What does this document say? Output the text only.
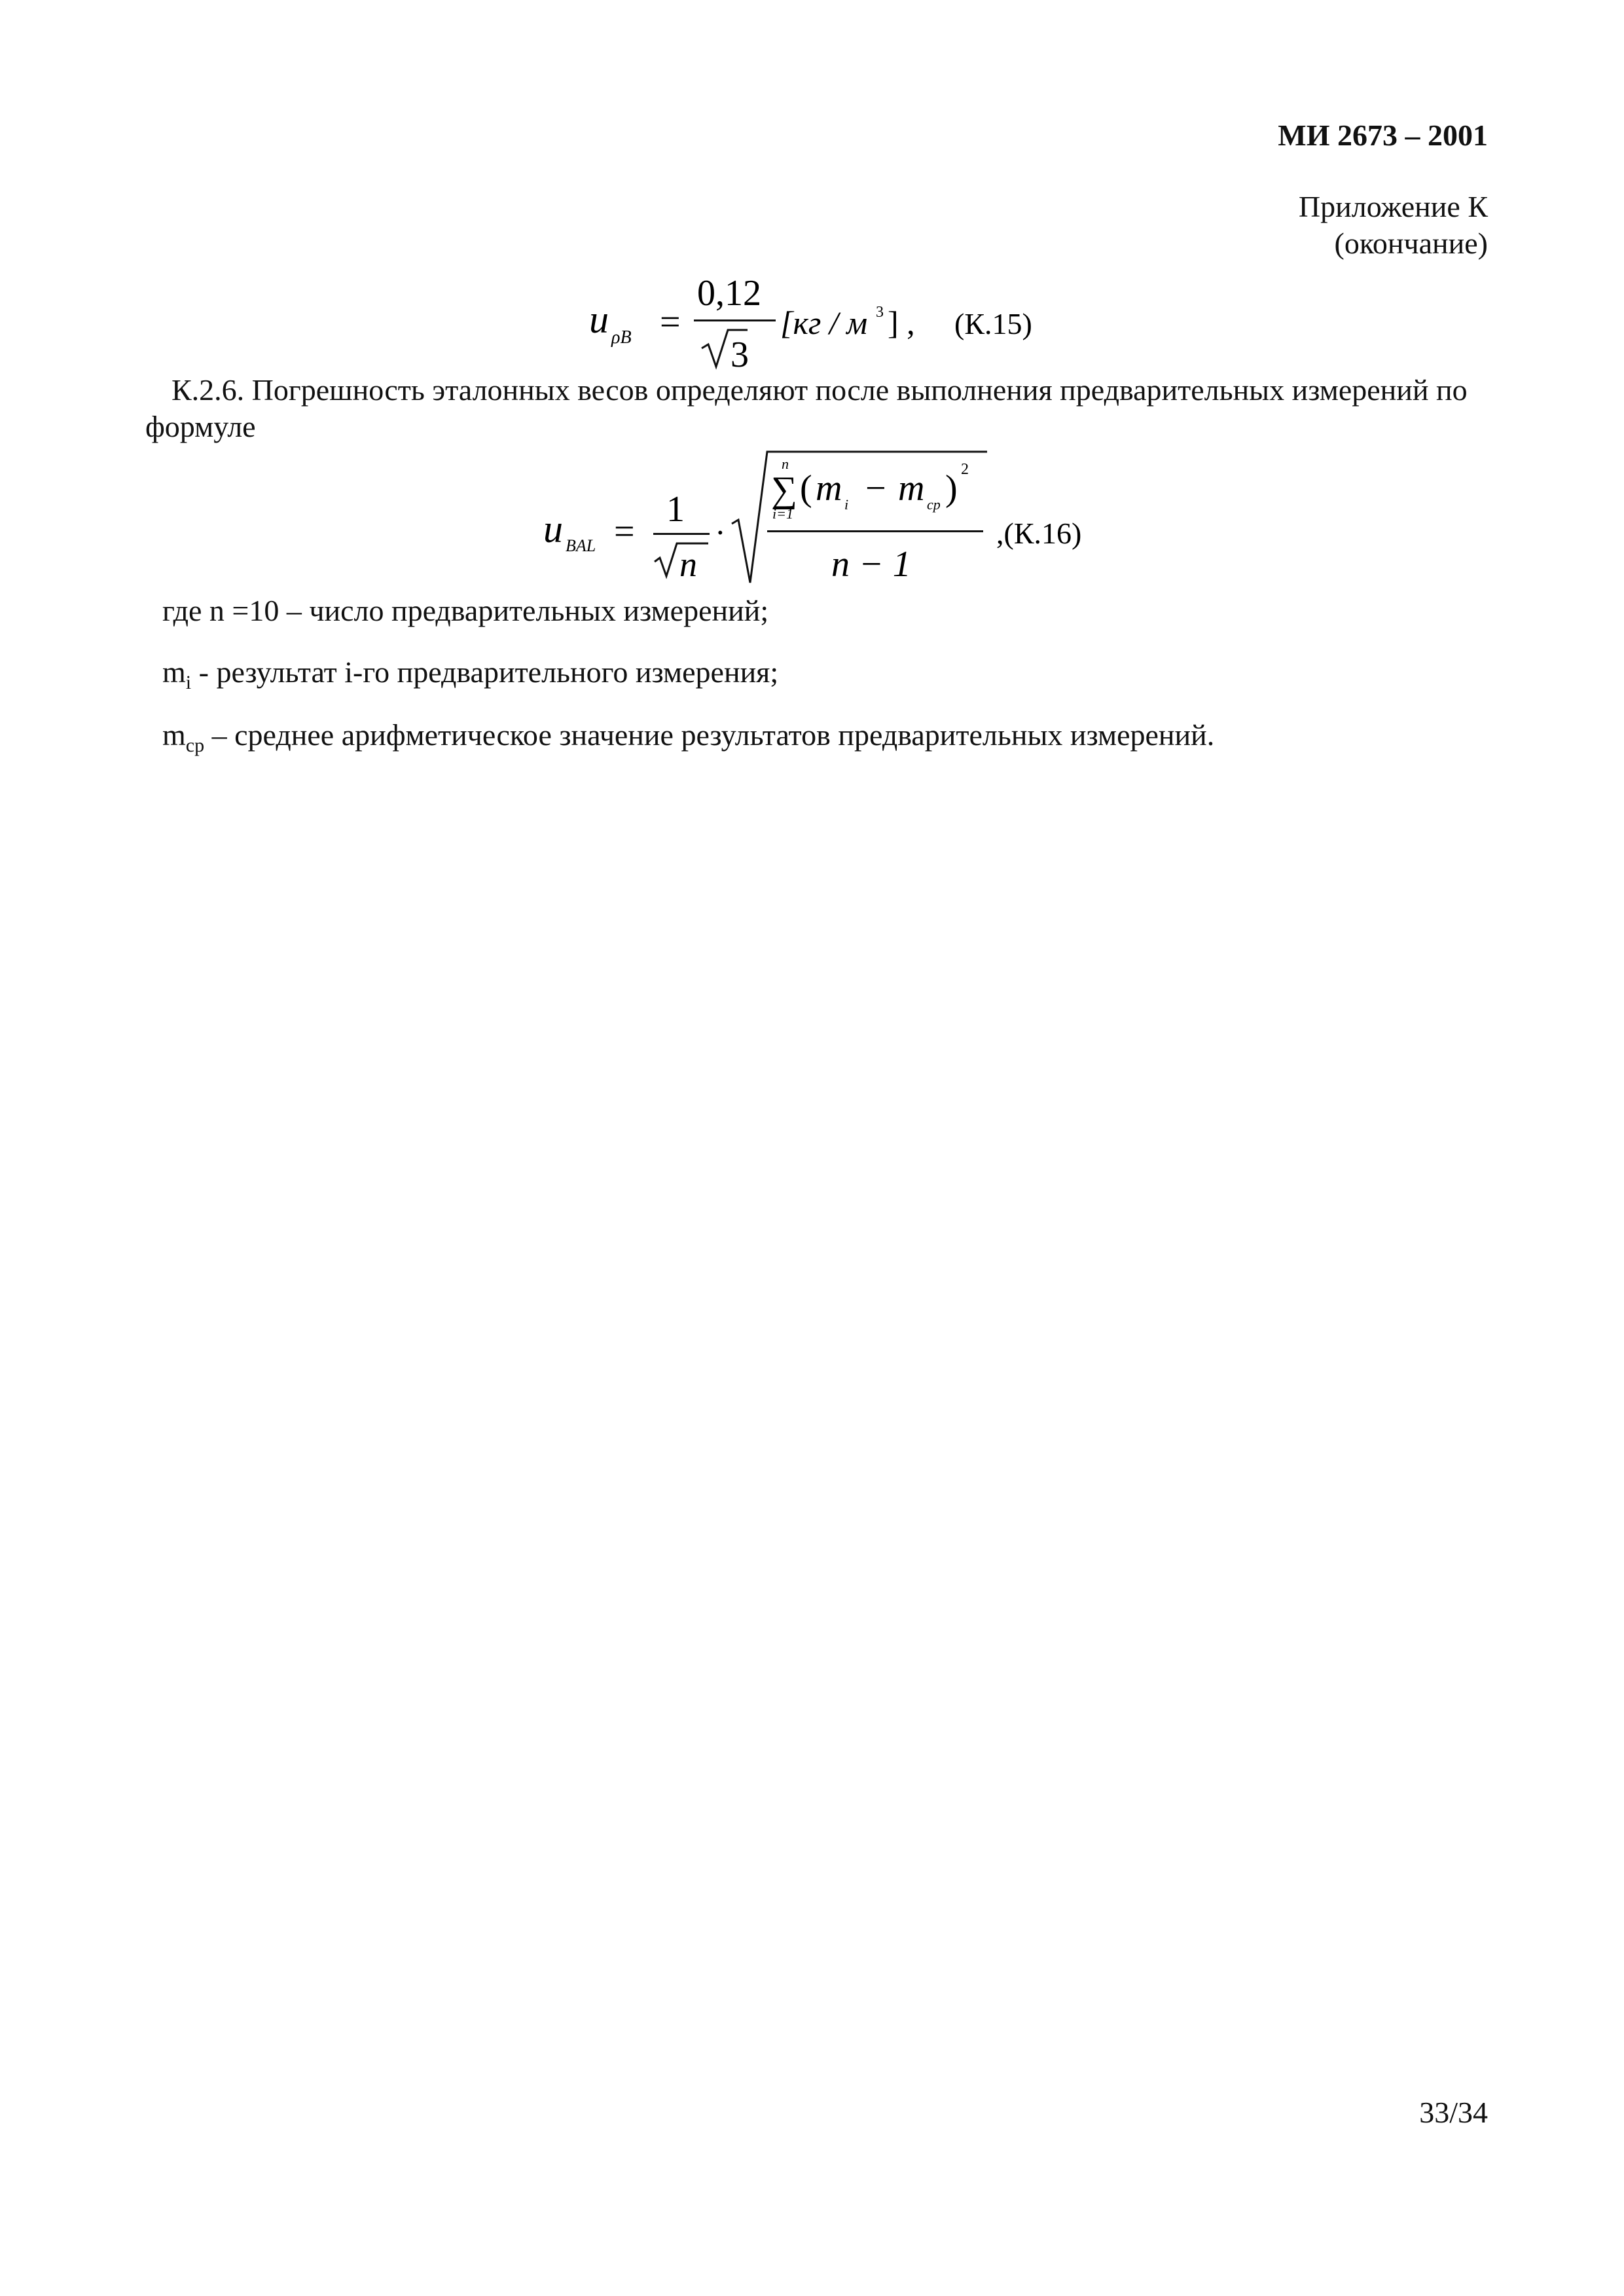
МИ 2673 – 2001
Приложение К
(окончание)
u ρB =
0,12
3
[кг / м 3 ] , (К.15)
К.2.6. Погрешность эталонных весов определяют после выполнения предварительных измерений по формуле
u BAL =
1
n
·
n
∑
i=1
( m i − m cp ) 2
n − 1
,(К.16)
где n =10 – число предварительных измерений;
$m_i$ - результат i-го предварительного измерения;
$m_{cp}$ – среднее арифметическое значение результатов предварительных измерений.
33/34
